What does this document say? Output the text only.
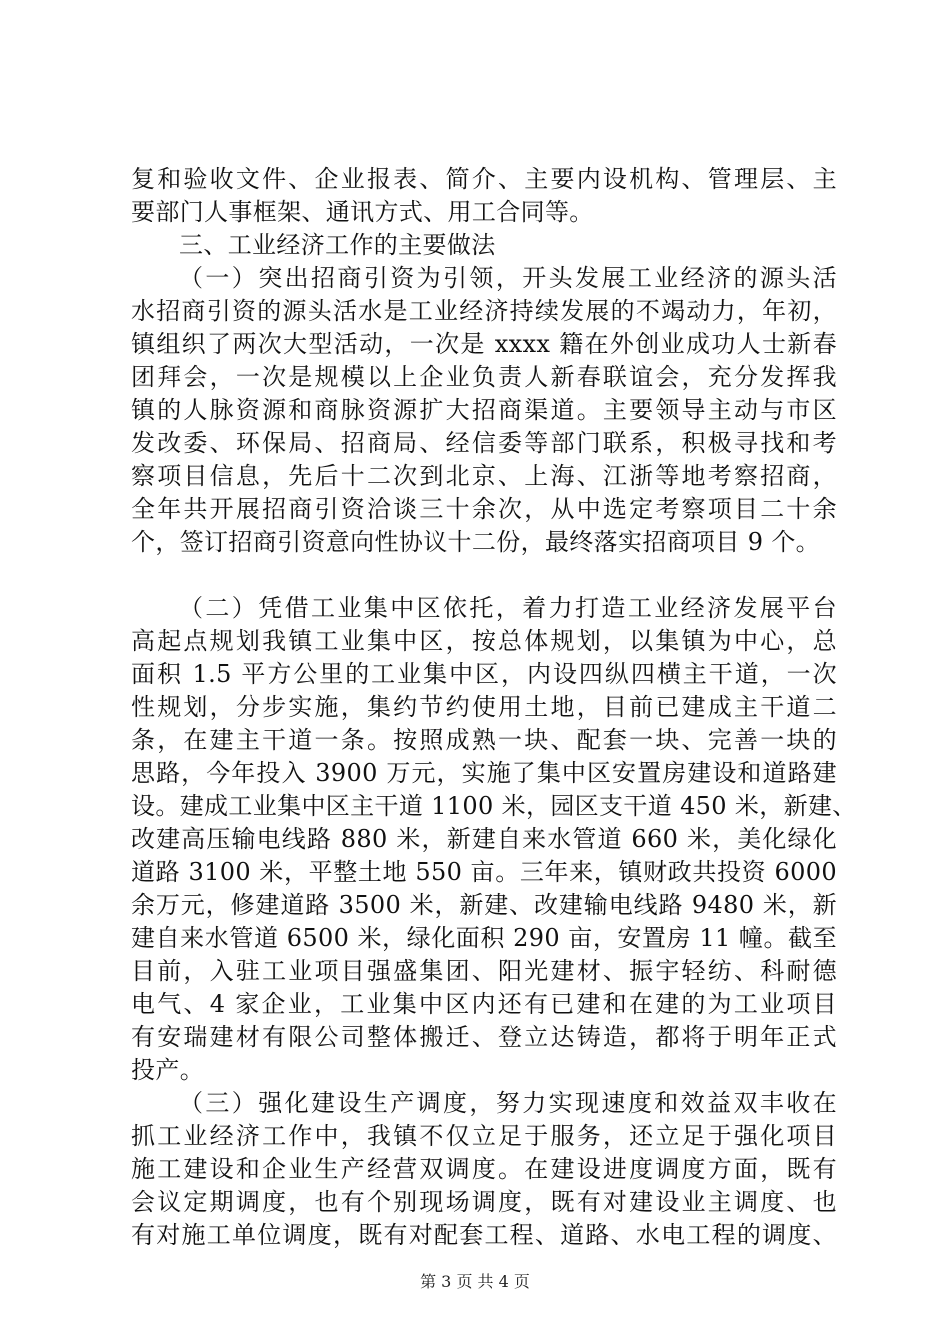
复和验收文件、企业报表、简介、主要内设机构、管理层、主
要部门人事框架、通讯方式、用工合同等。
三、工业经济工作的主要做法
（一）突出招商引资为引领，开头发展工业经济的源头活
水招商引资的源头活水是工业经济持续发展的不竭动力，年初，
镇组织了两次大型活动，一次是 xxxx 籍在外创业成功人士新春
团拜会，一次是规模以上企业负责人新春联谊会，充分发挥我
镇的人脉资源和商脉资源扩大招商渠道。主要领导主动与市区
发改委、环保局、招商局、经信委等部门联系，积极寻找和考
察项目信息，先后十二次到北京、上海、江浙等地考察招商，
全年共开展招商引资洽谈三十余次，从中选定考察项目二十余
个，签订招商引资意向性协议十二份，最终落实招商项目 9 个。
（二）凭借工业集中区依托，着力打造工业经济发展平台
高起点规划我镇工业集中区，按总体规划，以集镇为中心，总
面积 1.5 平方公里的工业集中区，内设四纵四横主干道，一次
性规划，分步实施，集约节约使用土地，目前已建成主干道二
条，在建主干道一条。按照成熟一块、配套一块、完善一块的
思路，今年投入 3900 万元，实施了集中区安置房建设和道路建
设。建成工业集中区主干道 1100 米，园区支干道 450 米，新建、
改建高压输电线路 880 米，新建自来水管道 660 米，美化绿化
道路 3100 米，平整土地 550 亩。三年来，镇财政共投资 6000
余万元，修建道路 3500 米，新建、改建输电线路 9480 米，新
建自来水管道 6500 米，绿化面积 290 亩，安置房 11 幢。截至
目前，入驻工业项目强盛集团、阳光建材、振宇轻纺、科耐德
电气、4 家企业，工业集中区内还有已建和在建的为工业项目
有安瑞建材有限公司整体搬迁、登立达铸造，都将于明年正式
投产。
（三）强化建设生产调度，努力实现速度和效益双丰收在
抓工业经济工作中，我镇不仅立足于服务，还立足于强化项目
施工建设和企业生产经营双调度。在建设进度调度方面，既有
会议定期调度，也有个别现场调度，既有对建设业主调度、也
有对施工单位调度，既有对配套工程、道路、水电工程的调度、
第 3 页 共 4 页
